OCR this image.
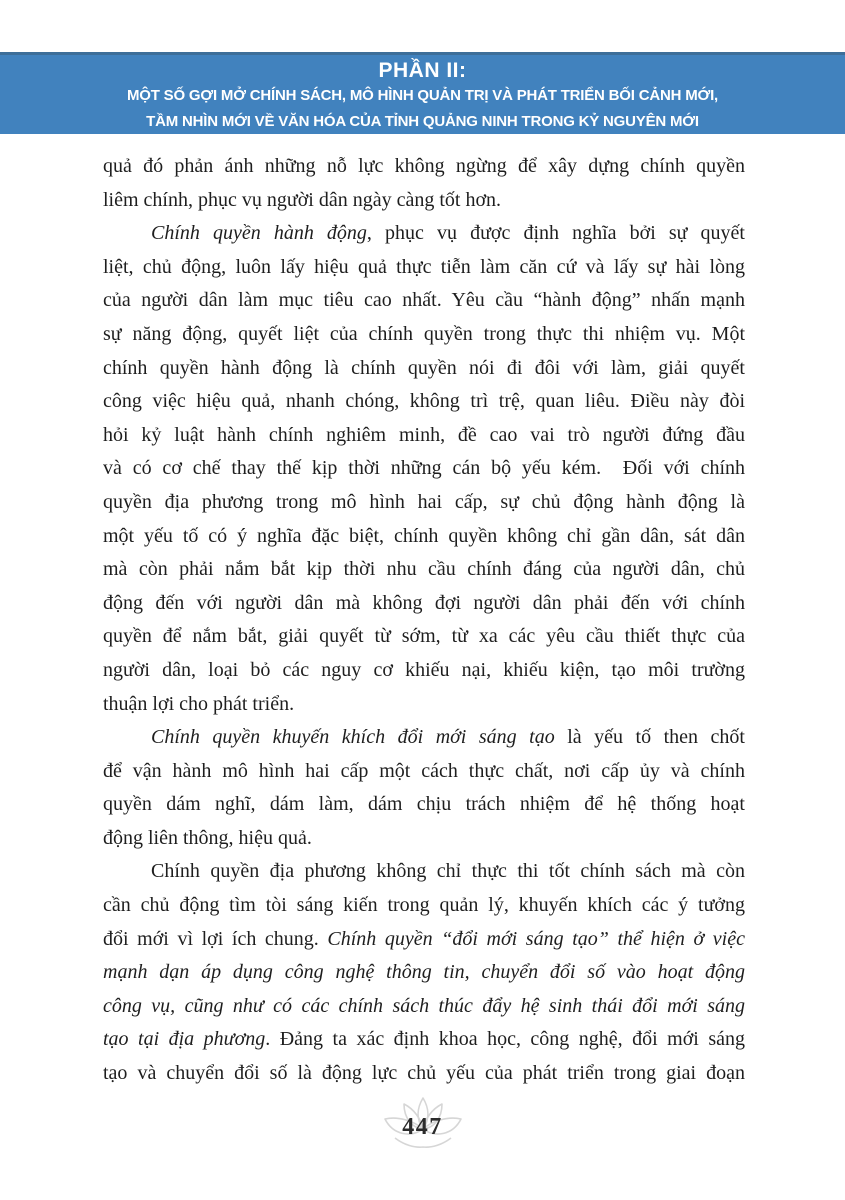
PHẦN II:
MỘT SỐ GỢI MỞ CHÍNH SÁCH, MÔ HÌNH QUẢN TRỊ VÀ PHÁT TRIỂN BỐI CẢNH MỚI,
TẦM NHÌN MỚI VỀ VĂN HÓA CỦA TỈNH QUẢNG NINH TRONG KỶ NGUYÊN MỚI
quả đó phản ánh những nỗ lực không ngừng để xây dựng chính quyền
liêm chính, phục vụ người dân ngày càng tốt hơn.
Chính quyền hành động, phục vụ được định nghĩa bởi sự quyết
liệt, chủ động, luôn lấy hiệu quả thực tiễn làm căn cứ và lấy sự hài lòng
của người dân làm mục tiêu cao nhất. Yêu cầu “hành động” nhấn mạnh
sự năng động, quyết liệt của chính quyền trong thực thi nhiệm vụ. Một
chính quyền hành động là chính quyền nói đi đôi với làm, giải quyết
công việc hiệu quả, nhanh chóng, không trì trệ, quan liêu. Điều này đòi
hỏi kỷ luật hành chính nghiêm minh, đề cao vai trò người đứng đầu
và có cơ chế thay thế kịp thời những cán bộ yếu kém.  Đối với chính
quyền địa phương trong mô hình hai cấp, sự chủ động hành động là
một yếu tố có ý nghĩa đặc biệt, chính quyền không chỉ gần dân, sát dân
mà còn phải nắm bắt kịp thời nhu cầu chính đáng của người dân, chủ
động đến với người dân mà không đợi người dân phải đến với chính
quyền để nắm bắt, giải quyết từ sớm, từ xa các yêu cầu thiết thực của
người dân, loại bỏ các nguy cơ khiếu nại, khiếu kiện, tạo môi trường
thuận lợi cho phát triển.
Chính quyền khuyến khích đổi mới sáng tạo là yếu tố then chốt
để vận hành mô hình hai cấp một cách thực chất, nơi cấp ủy và chính
quyền dám nghĩ, dám làm, dám chịu trách nhiệm để hệ thống hoạt
động liên thông, hiệu quả.
Chính quyền địa phương không chỉ thực thi tốt chính sách mà còn
cần chủ động tìm tòi sáng kiến trong quản lý, khuyến khích các ý tưởng
đổi mới vì lợi ích chung. Chính quyền “đổi mới sáng tạo” thể hiện ở việc
mạnh dạn áp dụng công nghệ thông tin, chuyển đổi số vào hoạt động
công vụ, cũng như có các chính sách thúc đẩy hệ sinh thái đổi mới sáng
tạo tại địa phương. Đảng ta xác định khoa học, công nghệ, đổi mới sáng
tạo và chuyển đổi số là động lực chủ yếu của phát triển trong giai đoạn
447
